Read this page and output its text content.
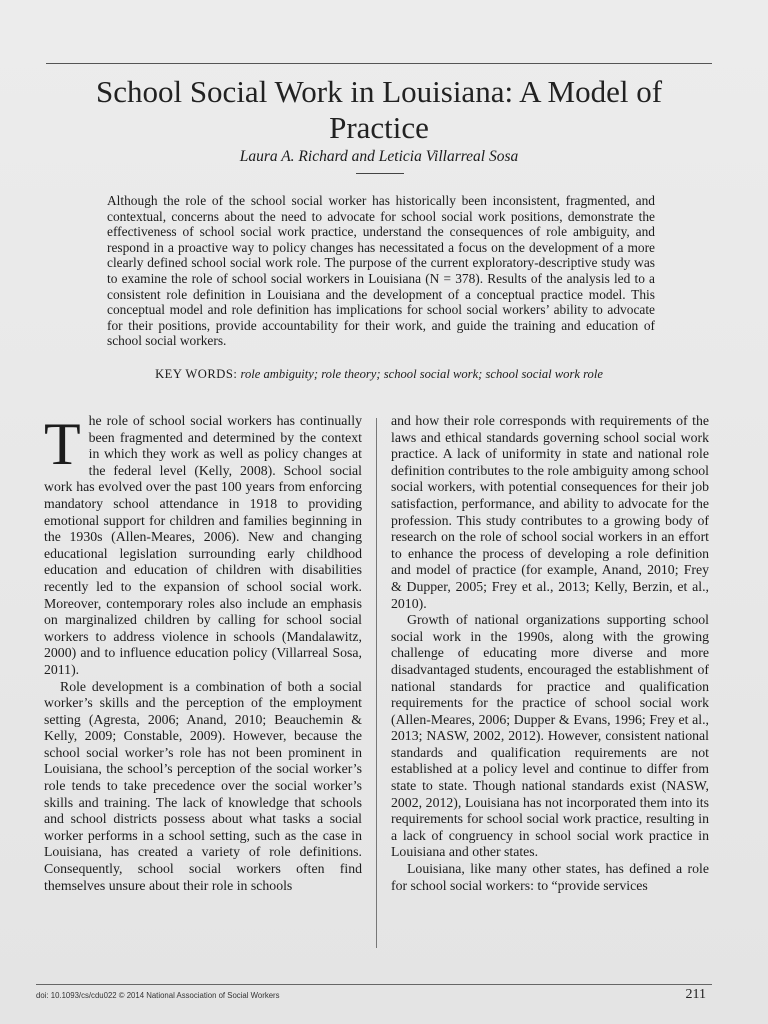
School Social Work in Louisiana: A Model of Practice
Laura A. Richard and Leticia Villarreal Sosa
Although the role of the school social worker has historically been inconsistent, fragmented, and contextual, concerns about the need to advocate for school social work positions, demonstrate the effectiveness of school social work practice, understand the consequences of role ambiguity, and respond in a proactive way to policy changes has necessitated a focus on the development of a more clearly defined school social work role. The purpose of the current exploratory-descriptive study was to examine the role of school social workers in Louisiana (N = 378). Results of the analysis led to a consistent role definition in Louisiana and the development of a conceptual practice model. This conceptual model and role definition has implications for school social workers’ ability to advocate for their positions, provide accountability for their work, and guide the training and education of school social workers.
KEY WORDS: role ambiguity; role theory; school social work; school social work role

The role of school social workers has continually been fragmented and determined by the context in which they work as well as policy changes at the federal level (Kelly, 2008). School social work has evolved over the past 100 years from enforcing mandatory school attendance in 1918 to providing emotional support for children and families beginning in the 1930s (Allen-Meares, 2006). New and changing educational legislation surrounding early childhood education and education of children with disabilities recently led to the expansion of school social work. Moreover, contemporary roles also include an emphasis on marginalized children by calling for school social workers to address violence in schools (Mandalawitz, 2000) and to influence education policy (Villarreal Sosa, 2011).

Role development is a combination of both a social worker’s skills and the perception of the employment setting (Agresta, 2006; Anand, 2010; Beauchemin & Kelly, 2009; Constable, 2009). However, because the school social worker’s role has not been prominent in Louisiana, the school’s perception of the social worker’s role tends to take precedence over the social worker’s skills and training. The lack of knowledge that schools and school districts possess about what tasks a social worker performs in a school setting, such as the case in Louisiana, has created a variety of role definitions. Consequently, school social workers often find themselves unsure about their role in schools

and how their role corresponds with requirements of the laws and ethical standards governing school social work practice. A lack of uniformity in state and national role definition contributes to the role ambiguity among school social workers, with potential consequences for their job satisfaction, performance, and ability to advocate for the profession. This study contributes to a growing body of research on the role of school social workers in an effort to enhance the process of developing a role definition and model of practice (for example, Anand, 2010; Frey & Dupper, 2005; Frey et al., 2013; Kelly, Berzin, et al., 2010).

Growth of national organizations supporting school social work in the 1990s, along with the growing challenge of educating more diverse and more disadvantaged students, encouraged the establishment of national standards for practice and qualification requirements for the practice of school social work (Allen-Meares, 2006; Dupper & Evans, 1996; Frey et al., 2013; NASW, 2002, 2012). However, consistent national standards and qualification requirements are not established at a policy level and continue to differ from state to state. Though national standards exist (NASW, 2002, 2012), Louisiana has not incorporated them into its requirements for school social work practice, resulting in a lack of congruency in school social work practice in Louisiana and other states.

Louisiana, like many other states, has defined a role for school social workers: to “provide services

doi: 10.1093/cs/cdu022 © 2014 National Association of Social Workers	211
